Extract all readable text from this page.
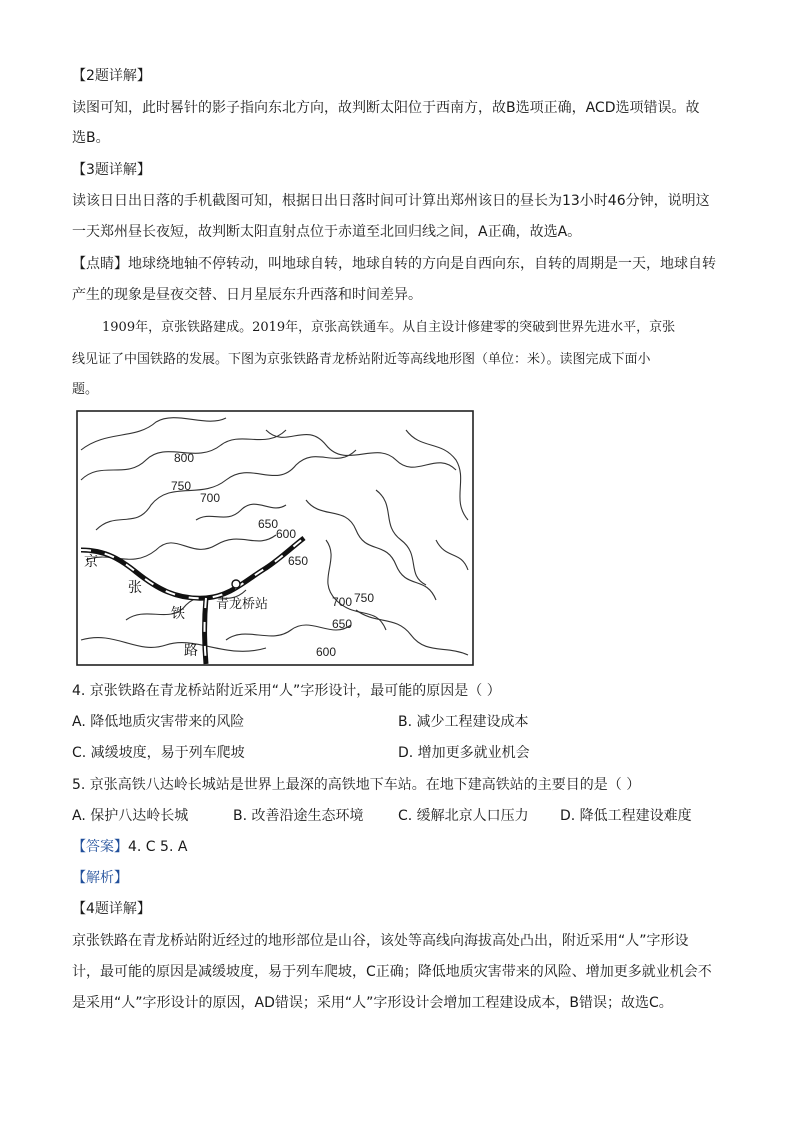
【2题详解】
读图可知，此时晷针的影子指向东北方向，故判断太阳位于西南方，故B选项正确，ACD选项错误。故
选B。
【3题详解】
读该日日出日落的手机截图可知，根据日出日落时间可计算出郑州该日的昼长为13小时46分钟，说明这
一天郑州昼长夜短，故判断太阳直射点位于赤道至北回归线之间，A正确，故选A。
【点睛】地球绕地轴不停转动，叫地球自转，地球自转的方向是自西向东，自转的周期是一天，地球自转
产生的现象是昼夜交替、日月星辰东升西落和时间差异。
1909年，京张铁路建成。2019年，京张高铁通车。从自主设计修建零的突破到世界先进水平，京张
线见证了中国铁路的发展。下图为京张铁路青龙桥站附近等高线地形图（单位：米）。读图完成下面小
题。
800
750
700
650
600
650
750
700
650
600
京
张
铁
路
青龙桥站
4. 京张铁路在青龙桥站附近采用“人”字形设计，最可能的原因是（ ）
A. 降低地质灾害带来的风险	B. 减少工程建设成本
C. 减缓坡度，易于列车爬坡	D. 增加更多就业机会
5. 京张高铁八达岭长城站是世界上最深的高铁地下车站。在地下建高铁站的主要目的是（ ）
A. 保护八达岭长城	B. 改善沿途生态环境 C. 缓解北京人口压力 D. 降低工程建设难度
【答案】4. C 5. A
【解析】
【4题详解】
京张铁路在青龙桥站附近经过的地形部位是山谷，该处等高线向海拔高处凸出，附近采用“人”字形设
计，最可能的原因是减缓坡度，易于列车爬坡，C正确；降低地质灾害带来的风险、增加更多就业机会不
是采用“人”字形设计的原因，AD错误；采用“人”字形设计会增加工程建设成本，B错误；故选C。
